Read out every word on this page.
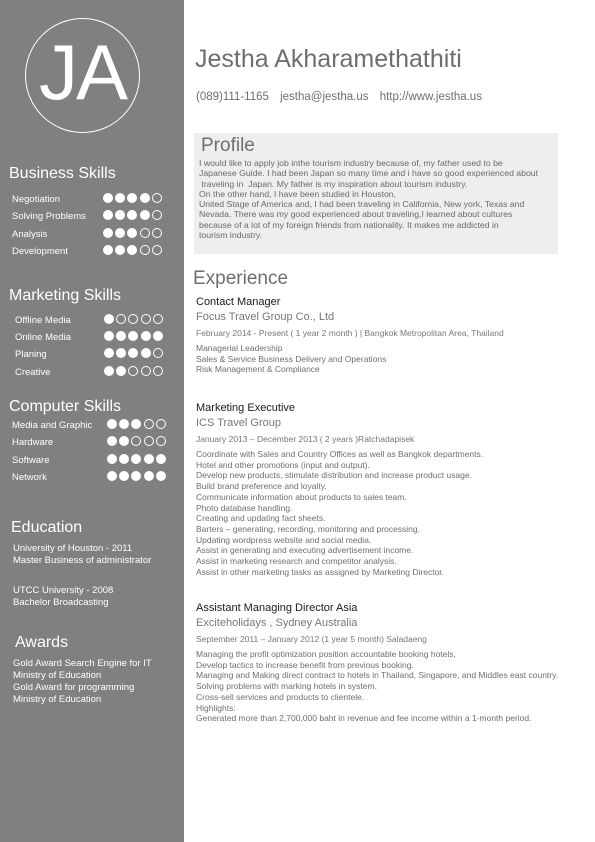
JA
Business Skills
Negotiation
Solving Problems
Analysis
Development
Marketing Skills
Offline Media
Online Media
Planing
Creative
Computer Skills
Media and Graphic
Hardware
Software
Network
Education
University of Houston - 2011
Master Business of administrator
UTCC University - 2008
Bachelor Broadcasting
Awards
Gold Award Search Engine for IT
Ministry of Education
Gold Award for programming
Ministry of Education
Jestha Akharamethathiti
(089)111-1165 jestha@jestha.us http://www.jestha.us
Profile
I would like to apply job inthe tourism industry because of, my father used to be
Japanese Guide. I had been Japan so many time and i have so good experienced about
traveling in  Japan. My father is my inspiration about tourism industry.
On the other hand, I have been studied in Houston,
United Stage of America and, I had been traveling in California, New york, Texas and
Nevada. There was my good experienced about traveling,I learned about cultures
because of a lot of my foreign friends from nationality. It makes me addicted in
tourism industry.
Experience
Contact Manager
Focus Travel Group Co., Ltd
February 2014 - Present ( 1 year 2 month ) | Bangkok Metropolitan Area, Thailand
Managerial Leadership
Sales & Service Business Delivery and Operations
Risk Management & Compliance
Marketing Executive
ICS Travel Group
January 2013 – December 2013 ( 2 years )Ratchadapisek
Coordinate with Sales and Country Offices as well as Bangkok departments.
Hotel and other promotions (input and output).
Develop new products, stimulate distribution and increase product usage.
Build brand preference and loyalty.
Communicate information about products to sales team.
Photo database handling.
Creating and updating fact sheets.
Barters – generating, recording, monitoring and processing.
Updating wordpress website and social media.
Assist in generating and executing advertisement income.
Assist in marketing research and competitor analysis.
Assist in other marketing tasks as assigned by Marketing Director.
Assistant Managing Director Asia
Exciteholidays , Sydney Australia
September 2011 – January 2012 (1 year 5 month) Saladaeng
Managing the profit optimization position accountable booking hotels,
Develop tactics to increase benefit from previous booking.
Managing and Making direct contract to hotels in Thailand, Singapore, and Middles east country.
Solving problems with marking hotels in system.
Cross-sell services and products to clientele.
Highlights:
Generated more than 2,700,000 baht in revenue and fee income within a 1-month period.
